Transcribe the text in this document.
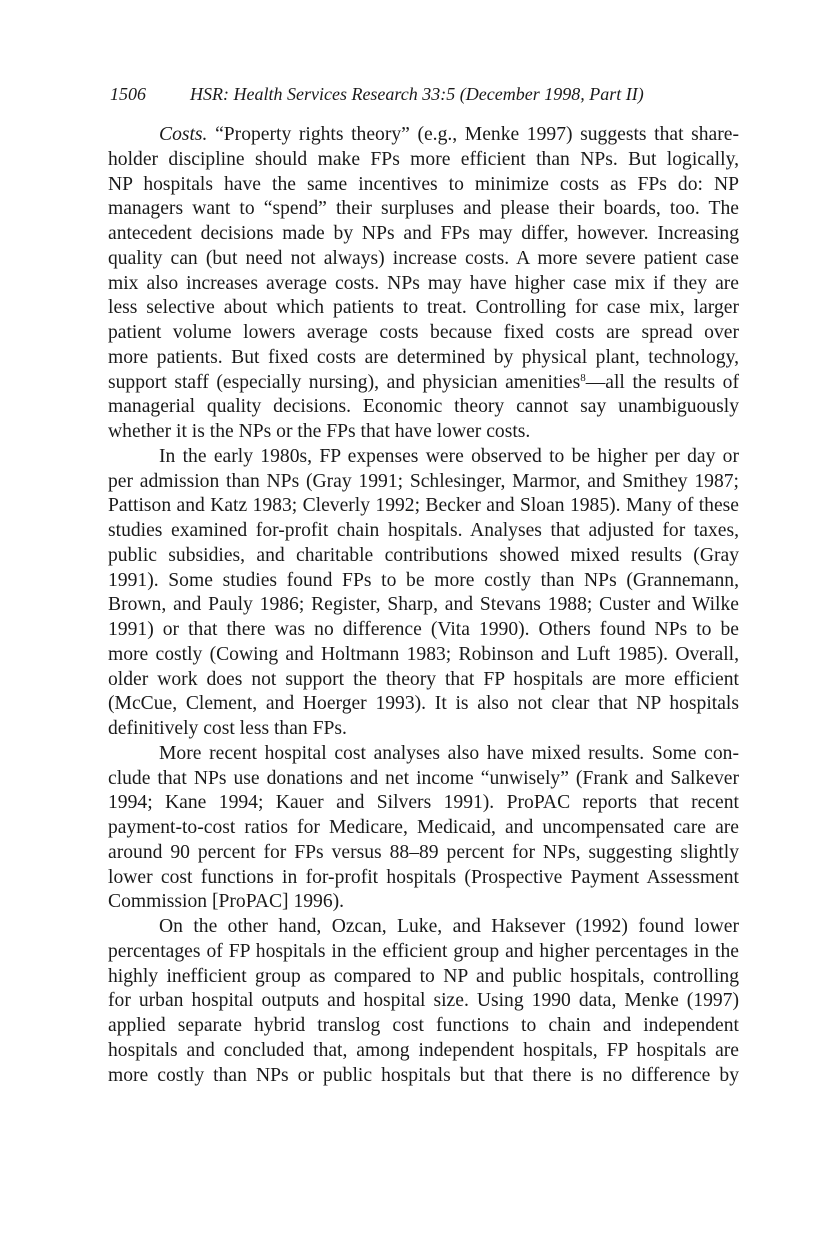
1506 HSR: Health Services Research 33:5 (December 1998, Part II)
Costs. “Property rights theory” (e.g., Menke 1997) suggests that share-
holder discipline should make FPs more efficient than NPs. But logically,
NP hospitals have the same incentives to minimize costs as FPs do: NP
managers want to “spend” their surpluses and please their boards, too. The
antecedent decisions made by NPs and FPs may differ, however. Increasing
quality can (but need not always) increase costs. A more severe patient case
mix also increases average costs. NPs may have higher case mix if they are
less selective about which patients to treat. Controlling for case mix, larger
patient volume lowers average costs because fixed costs are spread over
more patients. But fixed costs are determined by physical plant, technology,
support staff (especially nursing), and physician amenities$^8$—all the results of
managerial quality decisions. Economic theory cannot say unambiguously
whether it is the NPs or the FPs that have lower costs.
In the early 1980s, FP expenses were observed to be higher per day or
per admission than NPs (Gray 1991; Schlesinger, Marmor, and Smithey 1987;
Pattison and Katz 1983; Cleverly 1992; Becker and Sloan 1985). Many of these
studies examined for-profit chain hospitals. Analyses that adjusted for taxes,
public subsidies, and charitable contributions showed mixed results (Gray
1991). Some studies found FPs to be more costly than NPs (Grannemann,
Brown, and Pauly 1986; Register, Sharp, and Stevans 1988; Custer and Wilke
1991) or that there was no difference (Vita 1990). Others found NPs to be
more costly (Cowing and Holtmann 1983; Robinson and Luft 1985). Overall,
older work does not support the theory that FP hospitals are more efficient
(McCue, Clement, and Hoerger 1993). It is also not clear that NP hospitals
definitively cost less than FPs.
More recent hospital cost analyses also have mixed results. Some con-
clude that NPs use donations and net income “unwisely” (Frank and Salkever
1994; Kane 1994; Kauer and Silvers 1991). ProPAC reports that recent
payment-to-cost ratios for Medicare, Medicaid, and uncompensated care are
around 90 percent for FPs versus 88–89 percent for NPs, suggesting slightly
lower cost functions in for-profit hospitals (Prospective Payment Assessment
Commission [ProPAC] 1996).
On the other hand, Ozcan, Luke, and Haksever (1992) found lower
percentages of FP hospitals in the efficient group and higher percentages in the
highly inefficient group as compared to NP and public hospitals, controlling
for urban hospital outputs and hospital size. Using 1990 data, Menke (1997)
applied separate hybrid translog cost functions to chain and independent
hospitals and concluded that, among independent hospitals, FP hospitals are
more costly than NPs or public hospitals but that there is no difference by
